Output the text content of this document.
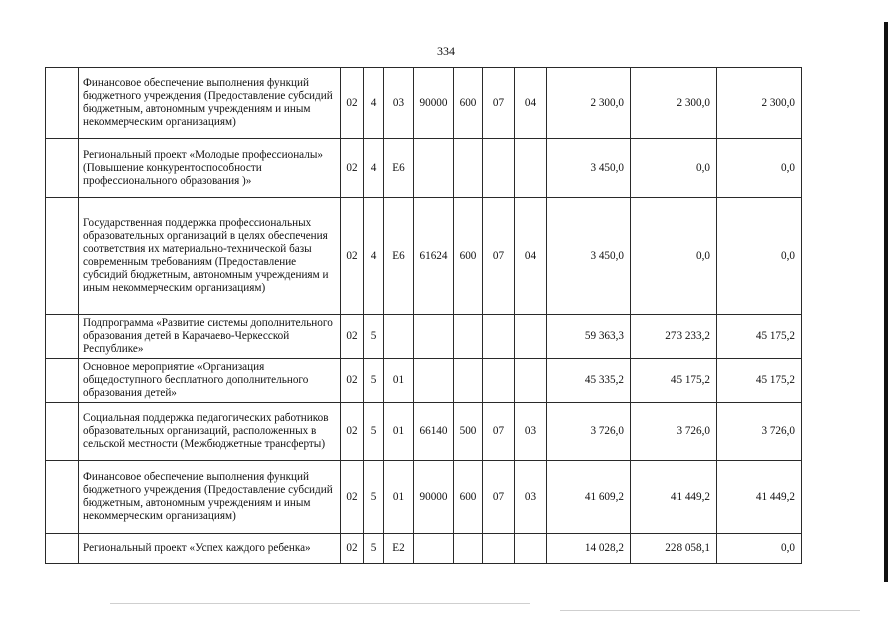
334
	Финансовое обеспечение выполнения функций бюджетного учреждения (Предоставление субсидий бюджетным, автономным учреждениям и иным некоммерческим организациям)	02	4	03	90000	600	07	04	2 300,0	2 300,0	2 300,0
	Региональный проект «Молодые профессионалы» (Повышение конкурентоспособности профессионального образования )»	02	4	Е6					3 450,0	0,0	0,0
	Государственная поддержка профессиональных образовательных организаций в целях обеспечения соответствия их материально-технической базы современным требованиям (Предоставление субсидий бюджетным, автономным учреждениям и иным некоммерческим организациям)	02	4	Е6	61624	600	07	04	3 450,0	0,0	0,0
	Подпрограмма «Развитие системы дополнительного образования детей в Карачаево-Черкесской Республике»	02	5						59 363,3	273 233,2	45 175,2
	Основное мероприятие «Организация общедоступного бесплатного дополнительного образования детей»	02	5	01					45 335,2	45 175,2	45 175,2
	Социальная поддержка педагогических работников образовательных организаций, расположенных в сельской местности (Межбюджетные трансферты)	02	5	01	66140	500	07	03	3 726,0	3 726,0	3 726,0
	Финансовое обеспечение выполнения функций бюджетного учреждения (Предоставление субсидий бюджетным, автономным учреждениям и иным некоммерческим организациям)	02	5	01	90000	600	07	03	41 609,2	41 449,2	41 449,2
	Региональный проект «Успех каждого ребенка»	02	5	Е2					14 028,2	228 058,1	0,0
